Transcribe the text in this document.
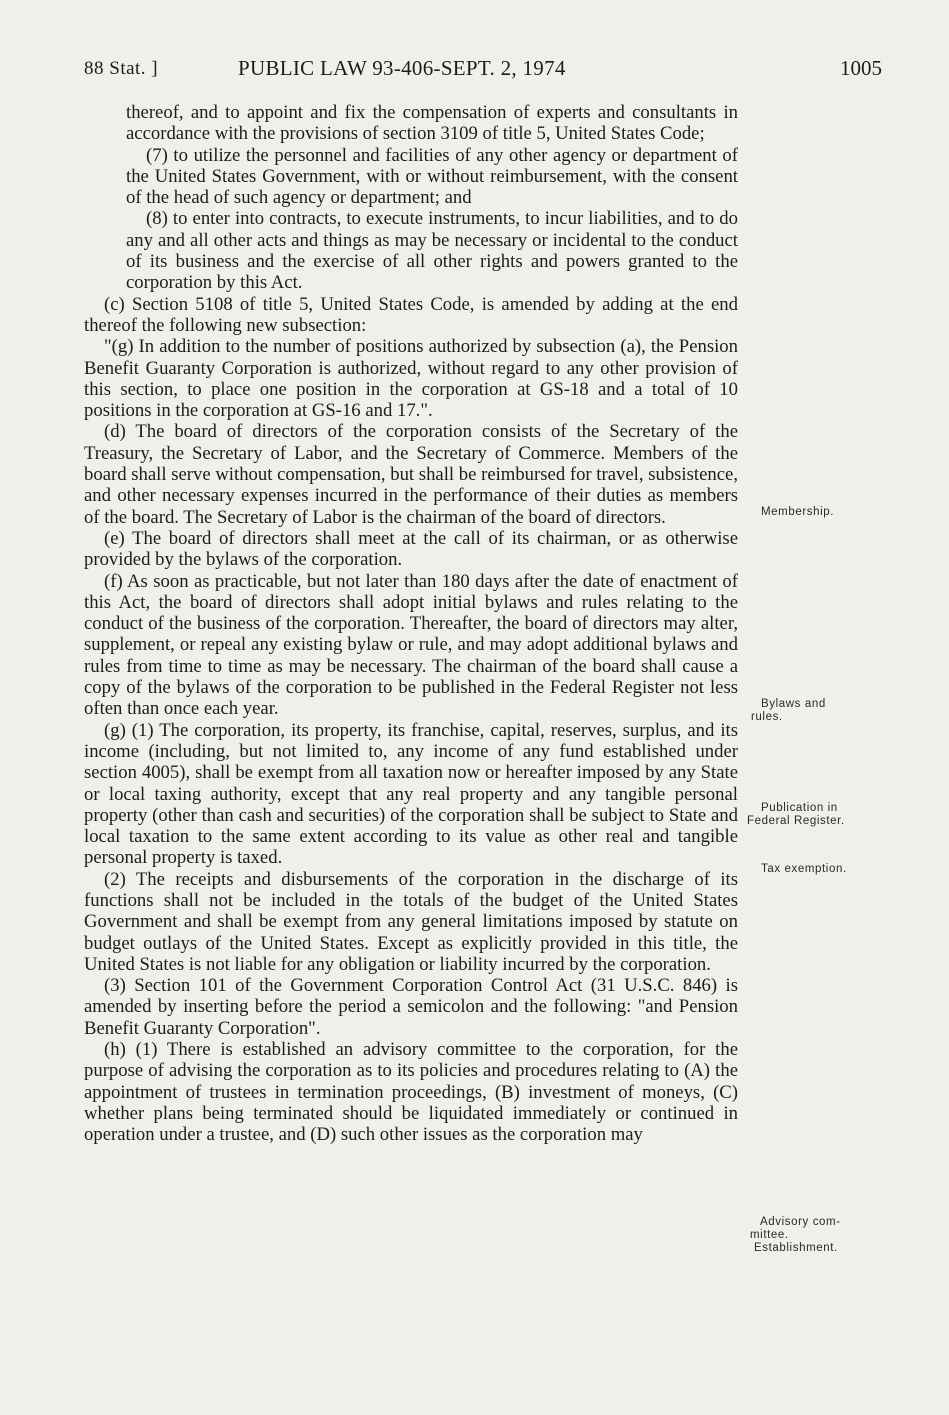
88 Stat. ]	PUBLIC LAW 93-406-SEPT. 2, 1974	1005

thereof, and to appoint and fix the compensation of experts and consultants in accordance with the provisions of section 3109 of title 5, United States Code;

(7) to utilize the personnel and facilities of any other agency or department of the United States Government, with or without reimbursement, with the consent of the head of such agency or department; and

(8) to enter into contracts, to execute instruments, to incur liabilities, and to do any and all other acts and things as may be necessary or incidental to the conduct of its business and the exercise of all other rights and powers granted to the corporation by this Act.

(c) Section 5108 of title 5, United States Code, is amended by adding at the end thereof the following new subsection:

"(g) In addition to the number of positions authorized by subsection (a), the Pension Benefit Guaranty Corporation is authorized, without regard to any other provision of this section, to place one position in the corporation at GS-18 and a total of 10 positions in the corporation at GS-16 and 17.".

(d) The board of directors of the corporation consists of the Secretary of the Treasury, the Secretary of Labor, and the Secretary of Commerce. Members of the board shall serve without compensation, but shall be reimbursed for travel, subsistence, and other necessary expenses incurred in the performance of their duties as members of the board. The Secretary of Labor is the chairman of the board of directors.

(e) The board of directors shall meet at the call of its chairman, or as otherwise provided by the bylaws of the corporation.

(f) As soon as practicable, but not later than 180 days after the date of enactment of this Act, the board of directors shall adopt initial bylaws and rules relating to the conduct of the business of the corporation. Thereafter, the board of directors may alter, supplement, or repeal any existing bylaw or rule, and may adopt additional bylaws and rules from time to time as may be necessary. The chairman of the board shall cause a copy of the bylaws of the corporation to be published in the Federal Register not less often than once each year.

(g) (1) The corporation, its property, its franchise, capital, reserves, surplus, and its income (including, but not limited to, any income of any fund established under section 4005), shall be exempt from all taxation now or hereafter imposed by any State or local taxing authority, except that any real property and any tangible personal property (other than cash and securities) of the corporation shall be subject to State and local taxation to the same extent according to its value as other real and tangible personal property is taxed.

(2) The receipts and disbursements of the corporation in the discharge of its functions shall not be included in the totals of the budget of the United States Government and shall be exempt from any general limitations imposed by statute on budget outlays of the United States. Except as explicitly provided in this title, the United States is not liable for any obligation or liability incurred by the corporation.

(3) Section 101 of the Government Corporation Control Act (31 U.S.C. 846) is amended by inserting before the period a semicolon and the following: "and Pension Benefit Guaranty Corporation".

(h) (1) There is established an advisory committee to the corporation, for the purpose of advising the corporation as to its policies and procedures relating to (A) the appointment of trustees in termination proceedings, (B) investment of moneys, (C) whether plans being terminated should be liquidated immediately or continued in operation under a trustee, and (D) such other issues as the corporation may

Membership.
Bylaws and
rules.
Publication in
Federal Register.
Tax exemption.
Advisory com-
mittee.
Establishment.
